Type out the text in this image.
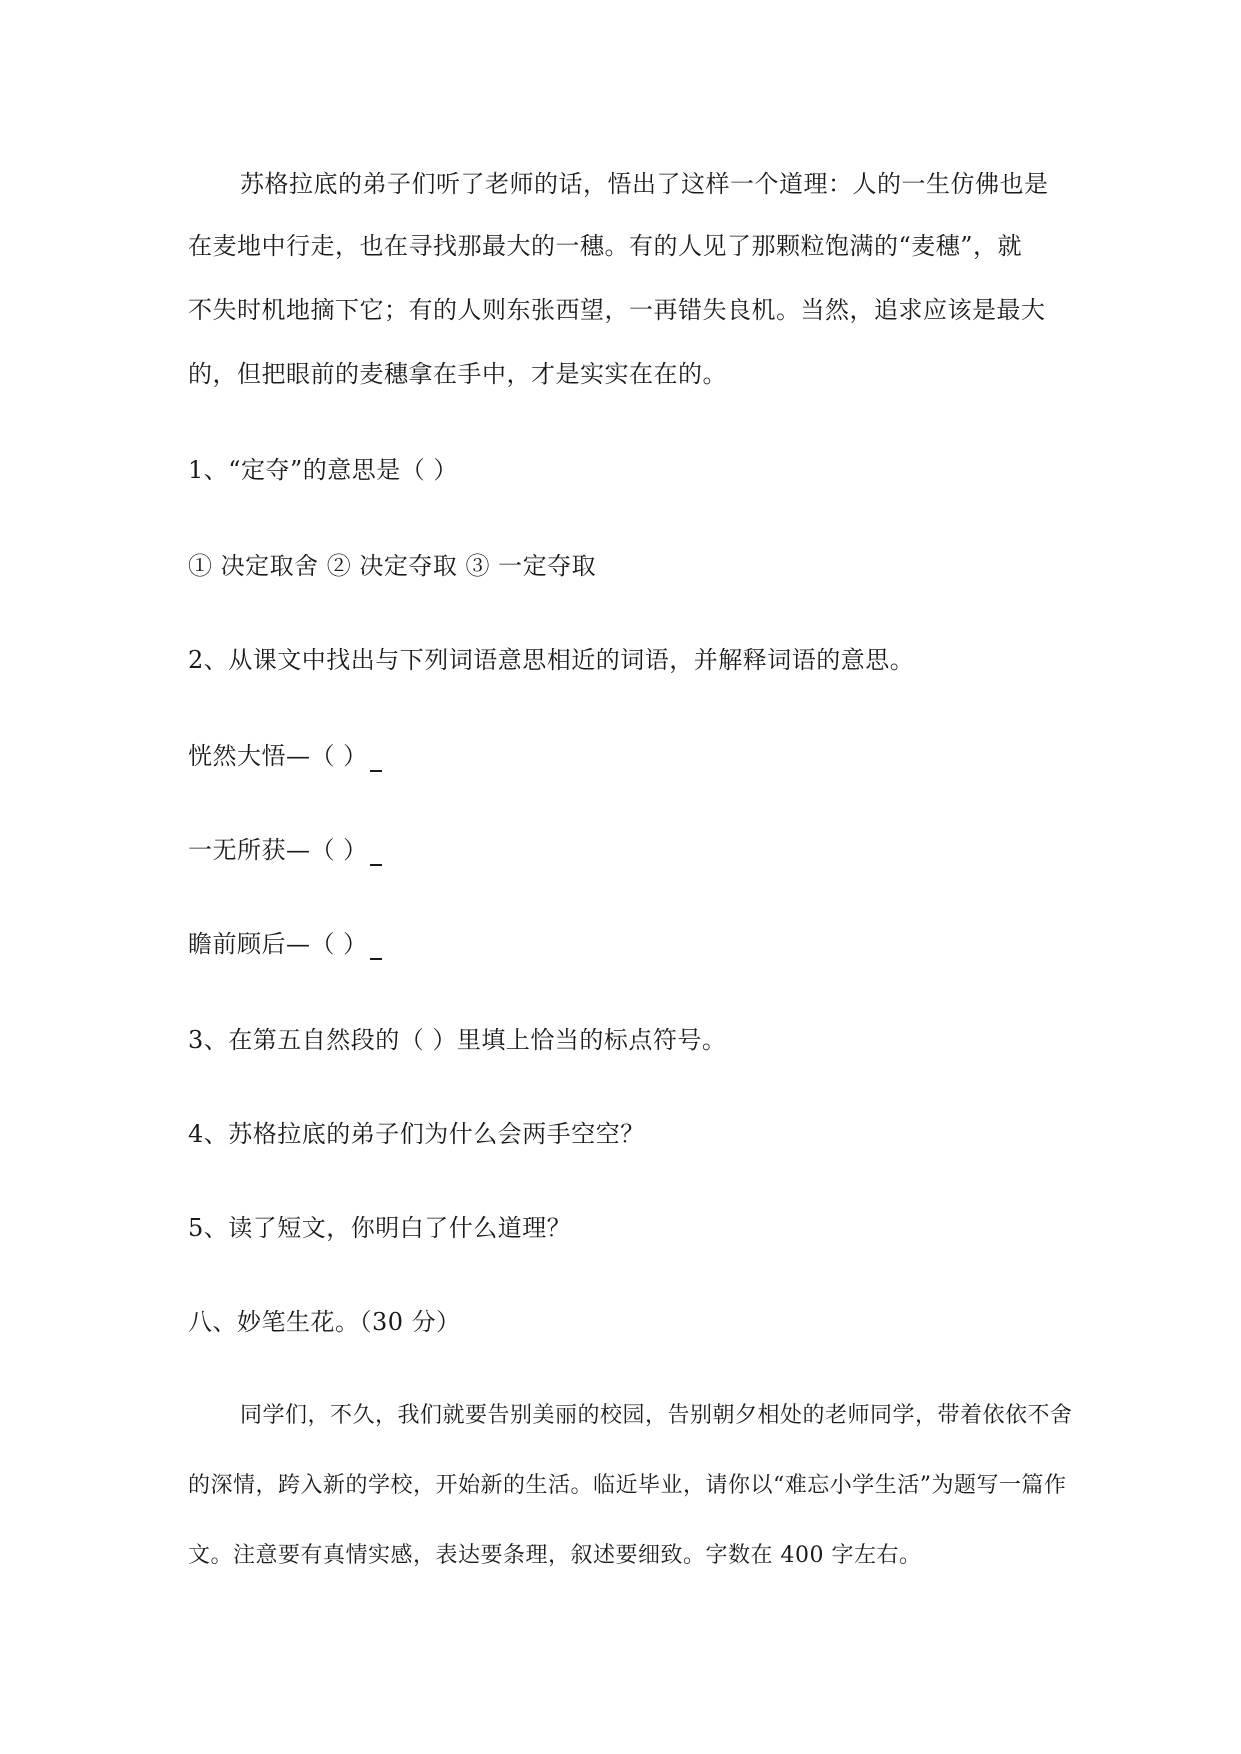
苏格拉底的弟子们听了老师的话，悟出了这样一个道理：人的一生仿佛也是
在麦地中行走，也在寻找那最大的一穗。有的人见了那颗粒饱满的“麦穗”，就
不失时机地摘下它；有的人则东张西望，一再错失良机。当然，追求应该是最大
的，但把眼前的麦穗拿在手中，才是实实在在的。
1、“定夺”的意思是（ ）
① 决定取舍 ② 决定夺取 ③ 一定夺取
2、从课文中找出与下列词语意思相近的词语，并解释词语的意思。
恍然大悟—（ ）
一无所获—（ ）
瞻前顾后—（ ）
3、在第五自然段的（ ）里填上恰当的标点符号。
4、苏格拉底的弟子们为什么会两手空空？
5、读了短文，你明白了什么道理？
八、妙笔生花。（30 分）
同学们，不久，我们就要告别美丽的校园，告别朝夕相处的老师同学，带着依依不舍
的深情，跨入新的学校，开始新的生活。临近毕业，请你以“难忘小学生活”为题写一篇作
文。注意要有真情实感，表达要条理，叙述要细致。字数在 400 字左右。
